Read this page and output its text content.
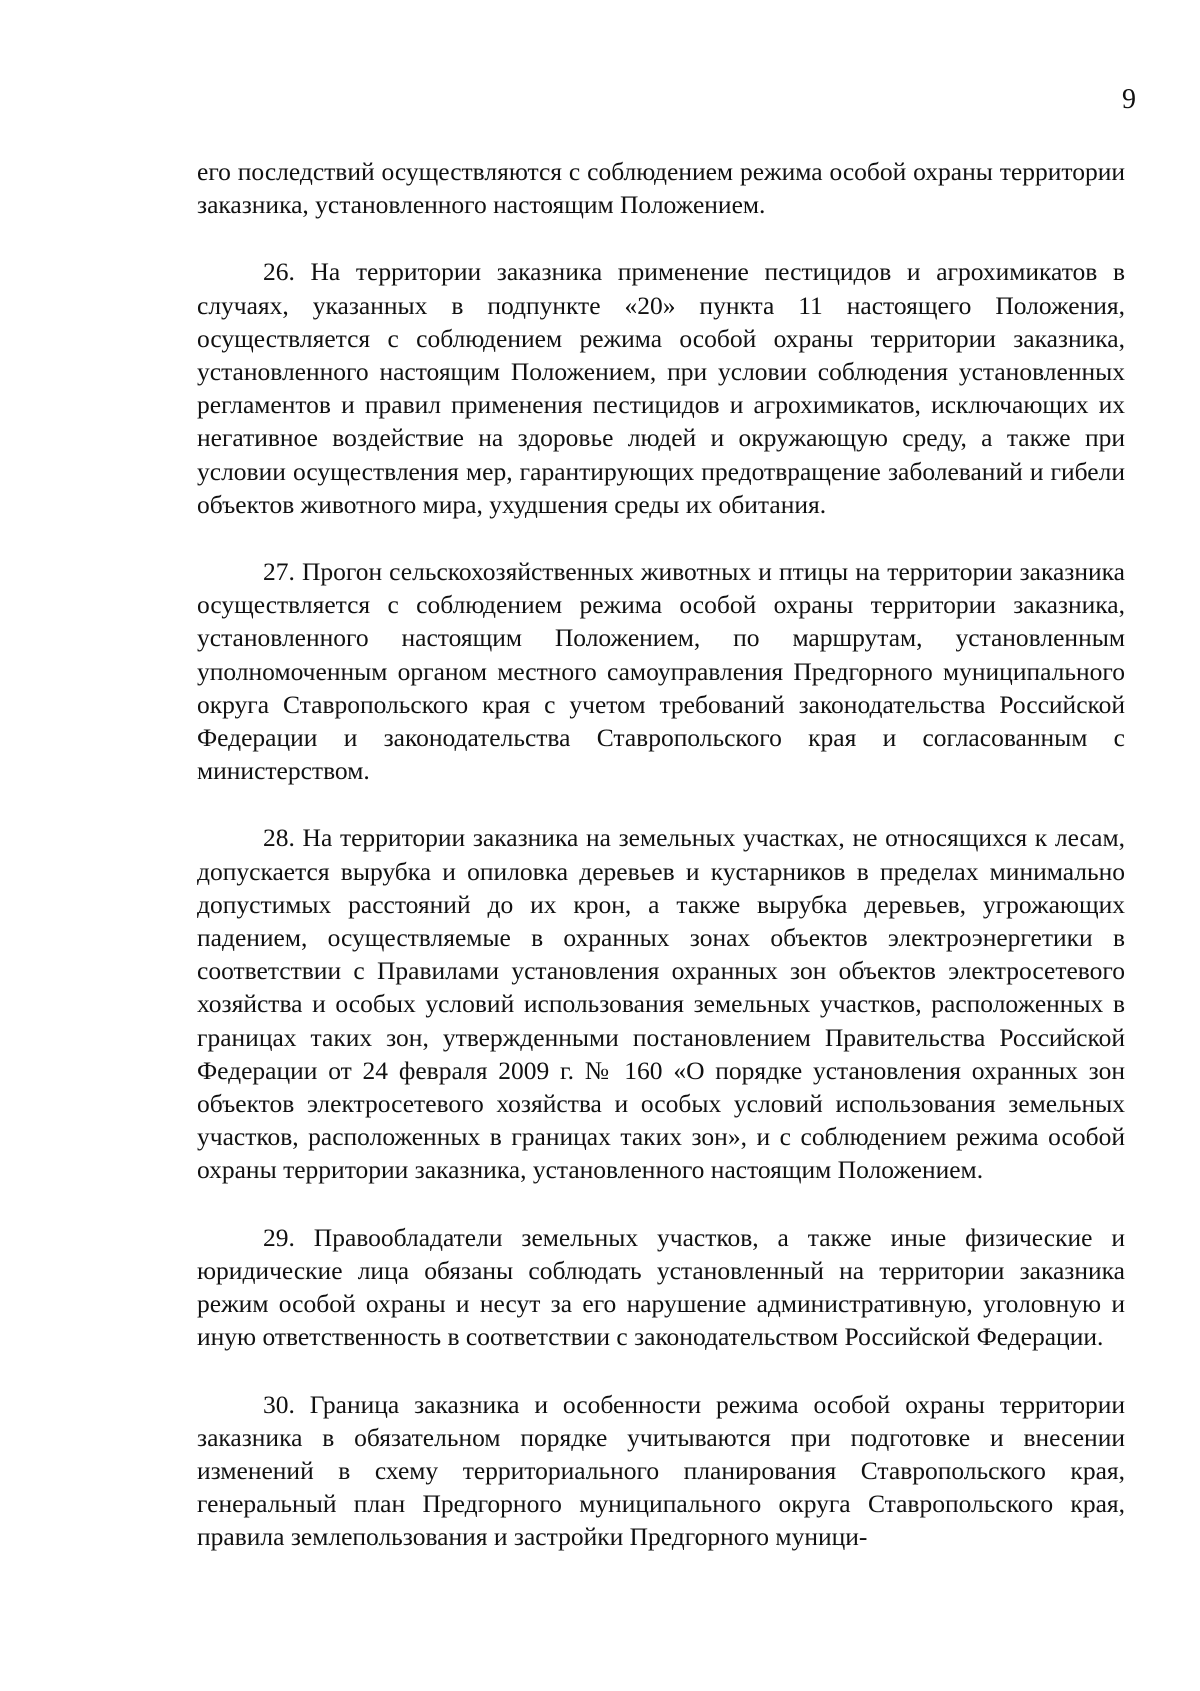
9

его последствий осуществляются с соблюдением режима особой охраны территории заказника, установленного настоящим Положением.

26. На территории заказника применение пестицидов и агрохимикатов в случаях, указанных в подпункте «20» пункта 11 настоящего Положения, осуществляется с соблюдением режима особой охраны территории заказника, установленного настоящим Положением, при условии соблюдения установленных регламентов и правил применения пестицидов и агрохимикатов, исключающих их негативное воздействие на здоровье людей и окружающую среду, а также при условии осуществления мер, гарантирующих предотвращение заболеваний и гибели объектов животного мира, ухудшения среды их обитания.

27. Прогон сельскохозяйственных животных и птицы на территории заказника осуществляется с соблюдением режима особой охраны территории заказника, установленного настоящим Положением, по маршрутам, установленным уполномоченным органом местного самоуправления Предгорного муниципального округа Ставропольского края с учетом требований законодательства Российской Федерации и законодательства Ставропольского края и согласованным с министерством.

28. На территории заказника на земельных участках, не относящихся к лесам, допускается вырубка и опиловка деревьев и кустарников в пределах минимально допустимых расстояний до их крон, а также вырубка деревьев, угрожающих падением, осуществляемые в охранных зонах объектов электроэнергетики в соответствии с Правилами установления охранных зон объектов электросетевого хозяйства и особых условий использования земельных участков, расположенных в границах таких зон, утвержденными постановлением Правительства Российской Федерации от 24 февраля 2009 г. № 160 «О порядке установления охранных зон объектов электросетевого хозяйства и особых условий использования земельных участков, расположенных в границах таких зон», и с соблюдением режима особой охраны территории заказника, установленного настоящим Положением.

29. Правообладатели земельных участков, а также иные физические и юридические лица обязаны соблюдать установленный на территории заказника режим особой охраны и несут за его нарушение административную, уголовную и иную ответственность в соответствии с законодательством Российской Федерации.

30. Граница заказника и особенности режима особой охраны территории заказника в обязательном порядке учитываются при подготовке и внесении изменений в схему территориального планирования Ставропольского края, генеральный план Предгорного муниципального округа Ставропольского края, правила землепользования и застройки Предгорного муници-
